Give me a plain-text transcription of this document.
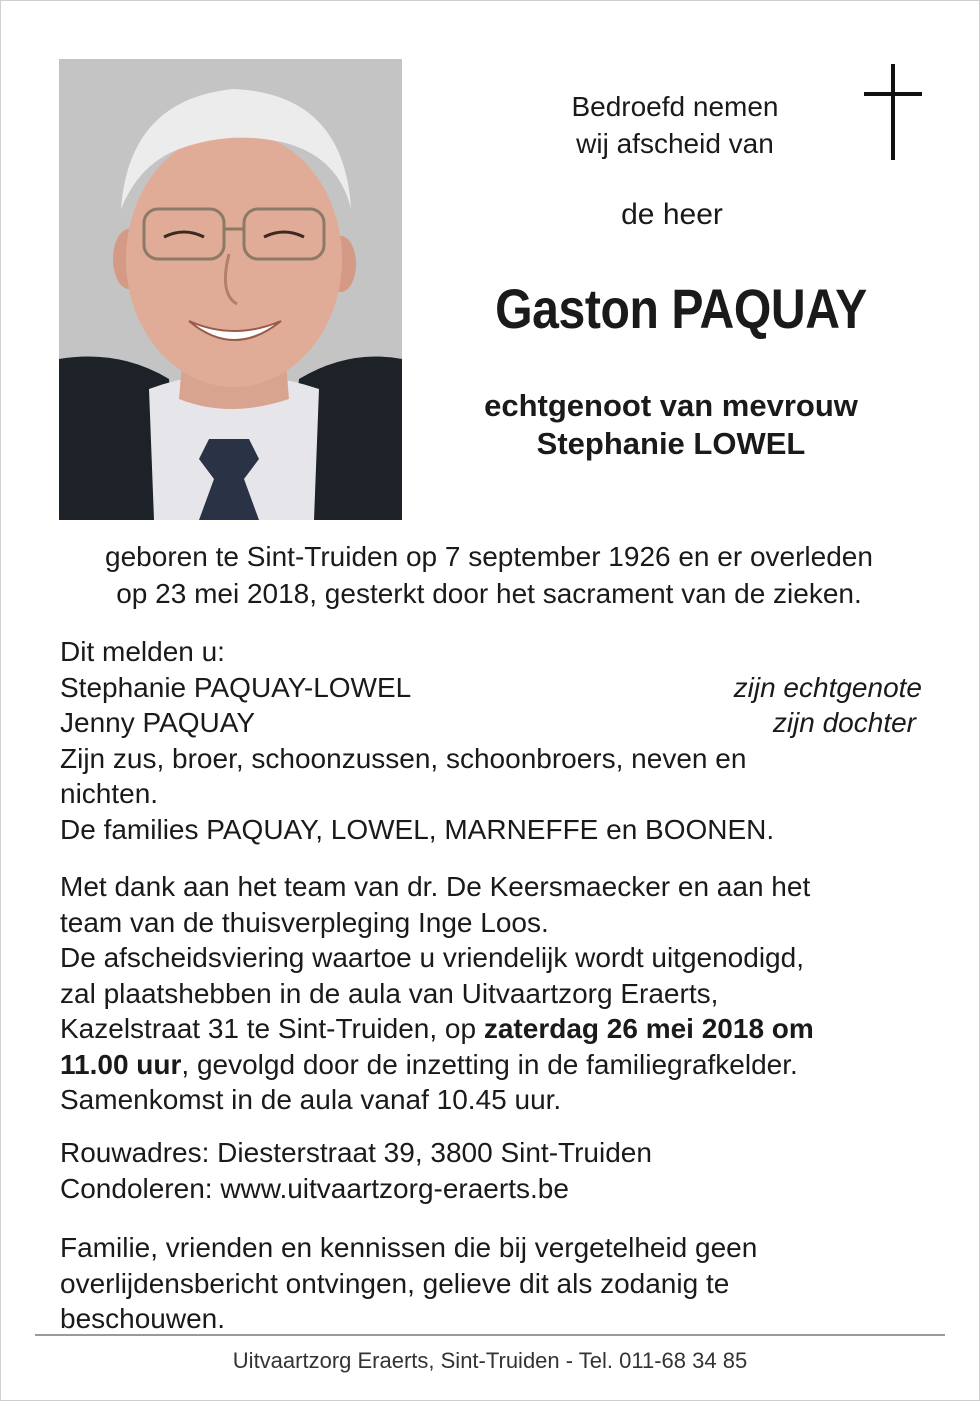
Bedroefd nemen
wij afscheid van
de heer
Gaston PAQUAY
echtgenoot van mevrouw
Stephanie LOWEL
geboren te Sint-Truiden op 7 september 1926 en er overleden
op 23 mei 2018, gesterkt door het sacrament van de zieken.
Dit melden u:
Stephanie PAQUAY-LOWEL	zijn echtgenote
Jenny PAQUAY	zijn dochter
Zijn zus, broer, schoonzussen, schoonbroers, neven en
nichten.
De families PAQUAY, LOWEL, MARNEFFE en BOONEN.
Met dank aan het team van dr. De Keersmaecker en aan het
team van de thuisverpleging Inge Loos.
De afscheidsviering waartoe u vriendelijk wordt uitgenodigd,
zal plaatshebben in de aula van Uitvaartzorg Eraerts,
Kazelstraat 31 te Sint-Truiden, op zaterdag 26 mei 2018 om
11.00 uur, gevolgd door de inzetting in de familiegrafkelder.
Samenkomst in de aula vanaf 10.45 uur.
Rouwadres: Diesterstraat 39, 3800 Sint-Truiden
Condoleren: www.uitvaartzorg-eraerts.be
Familie, vrienden en kennissen die bij vergetelheid geen
overlijdensbericht ontvingen, gelieve dit als zodanig te
beschouwen.
Uitvaartzorg Eraerts, Sint-Truiden - Tel. 011-68 34 85
